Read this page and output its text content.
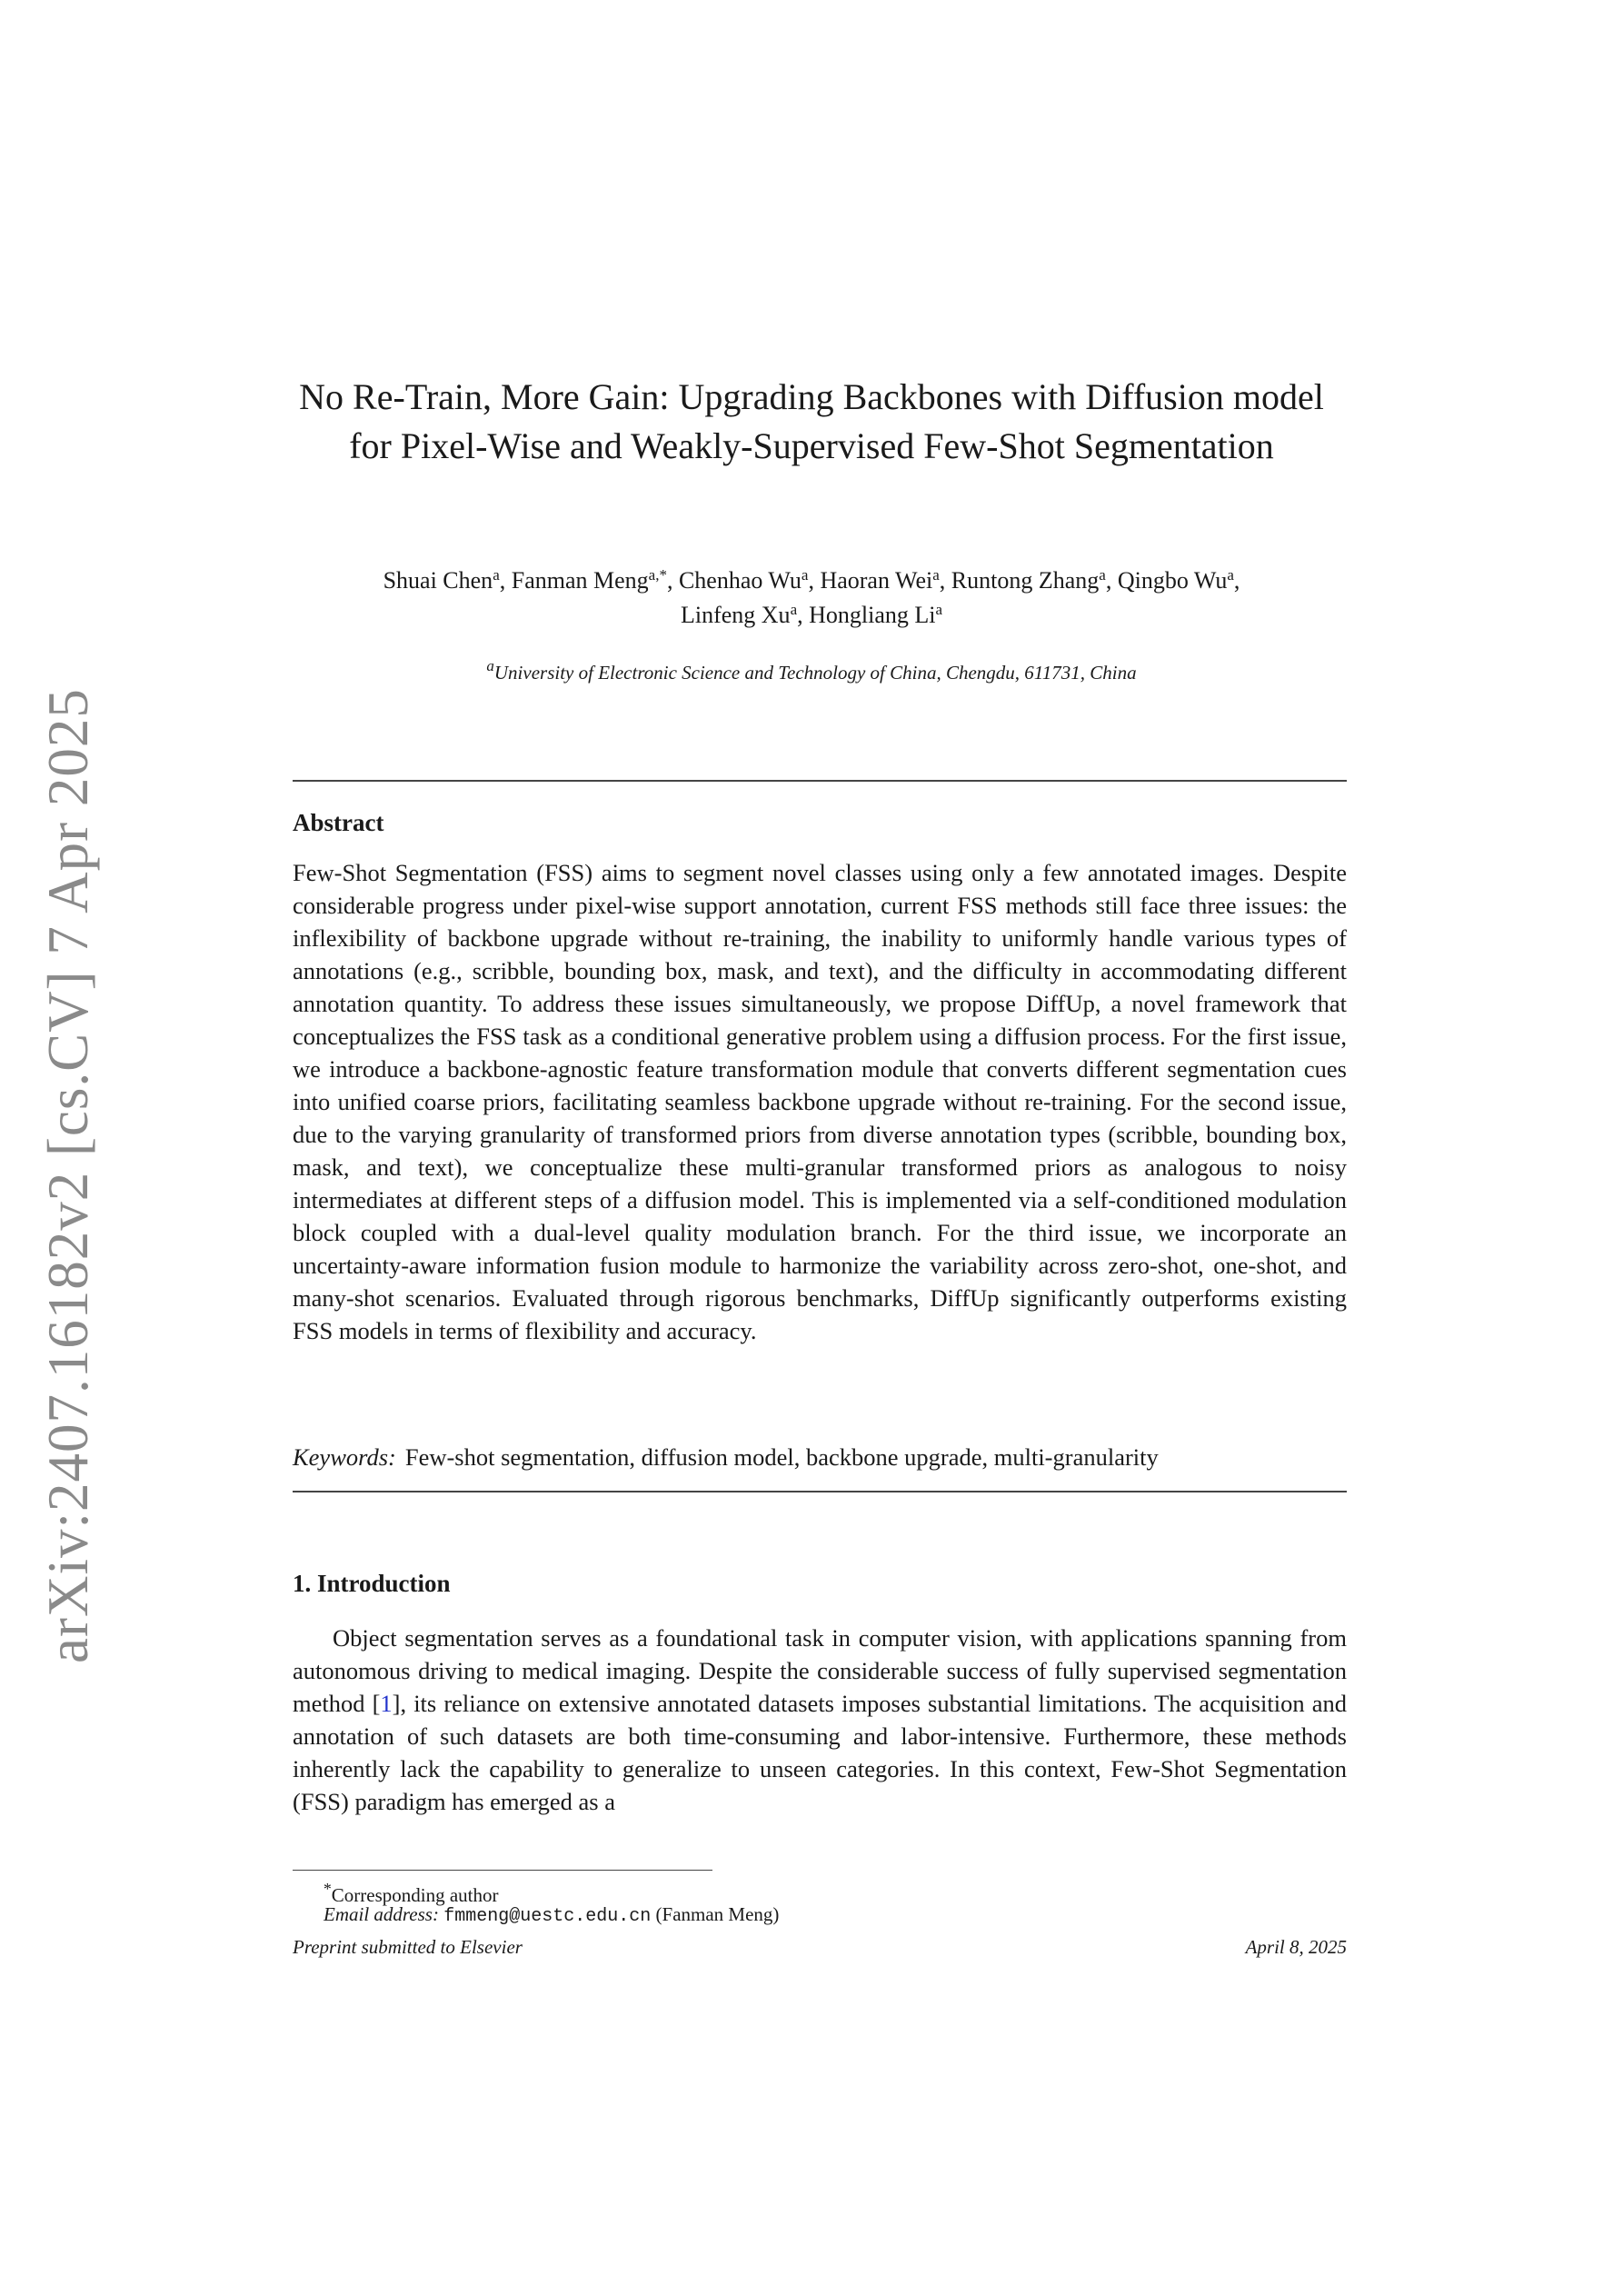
arXiv:2407.16182v2 [cs.CV] 7 Apr 2025
No Re-Train, More Gain: Upgrading Backbones with Diffusion model for Pixel-Wise and Weakly-Supervised Few-Shot Segmentation
Shuai Chen$^a$, Fanman Meng$^{a,*}$, Chenhao Wu$^a$, Haoran Wei$^a$, Runtong Zhang$^a$, Qingbo Wu$^a$,
Linfeng Xu$^a$, Hongliang Li$^a$
$^a$University of Electronic Science and Technology of China, Chengdu, 611731, China
Abstract
Few-Shot Segmentation (FSS) aims to segment novel classes using only a few annotated images. Despite considerable progress under pixel-wise support annotation, current FSS methods still face three issues: the inflexibility of backbone upgrade without re-training, the inability to uniformly handle various types of annotations (e.g., scribble, bounding box, mask, and text), and the difficulty in accommodating different annotation quantity. To address these issues simultaneously, we propose DiffUp, a novel framework that conceptualizes the FSS task as a conditional generative problem using a diffusion process. For the first issue, we introduce a backbone-agnostic feature transformation module that converts different segmentation cues into unified coarse priors, facilitating seamless backbone upgrade without re-training. For the second issue, due to the varying granularity of transformed priors from diverse annotation types (scribble, bounding box, mask, and text), we conceptualize these multi-granular transformed priors as analogous to noisy intermediates at different steps of a diffusion model. This is implemented via a self-conditioned modulation block coupled with a dual-level quality modulation branch. For the third issue, we incorporate an uncertainty-aware information fusion module to harmonize the variability across zero-shot, one-shot, and many-shot scenarios. Evaluated through rigorous benchmarks, DiffUp significantly outperforms existing FSS models in terms of flexibility and accuracy.
Keywords: Few-shot segmentation, diffusion model, backbone upgrade, multi-granularity
1. Introduction
Object segmentation serves as a foundational task in computer vision, with applications spanning from autonomous driving to medical imaging. Despite the considerable success of fully supervised segmentation method [1], its reliance on extensive annotated datasets imposes substantial limitations. The acquisition and annotation of such datasets are both time-consuming and labor-intensive. Furthermore, these methods inherently lack the capability to generalize to unseen categories. In this context, Few-Shot Segmentation (FSS) paradigm has emerged as a
*Corresponding author
Email address: fmmeng@uestc.edu.cn (Fanman Meng)
Preprint submitted to Elsevier	April 8, 2025
